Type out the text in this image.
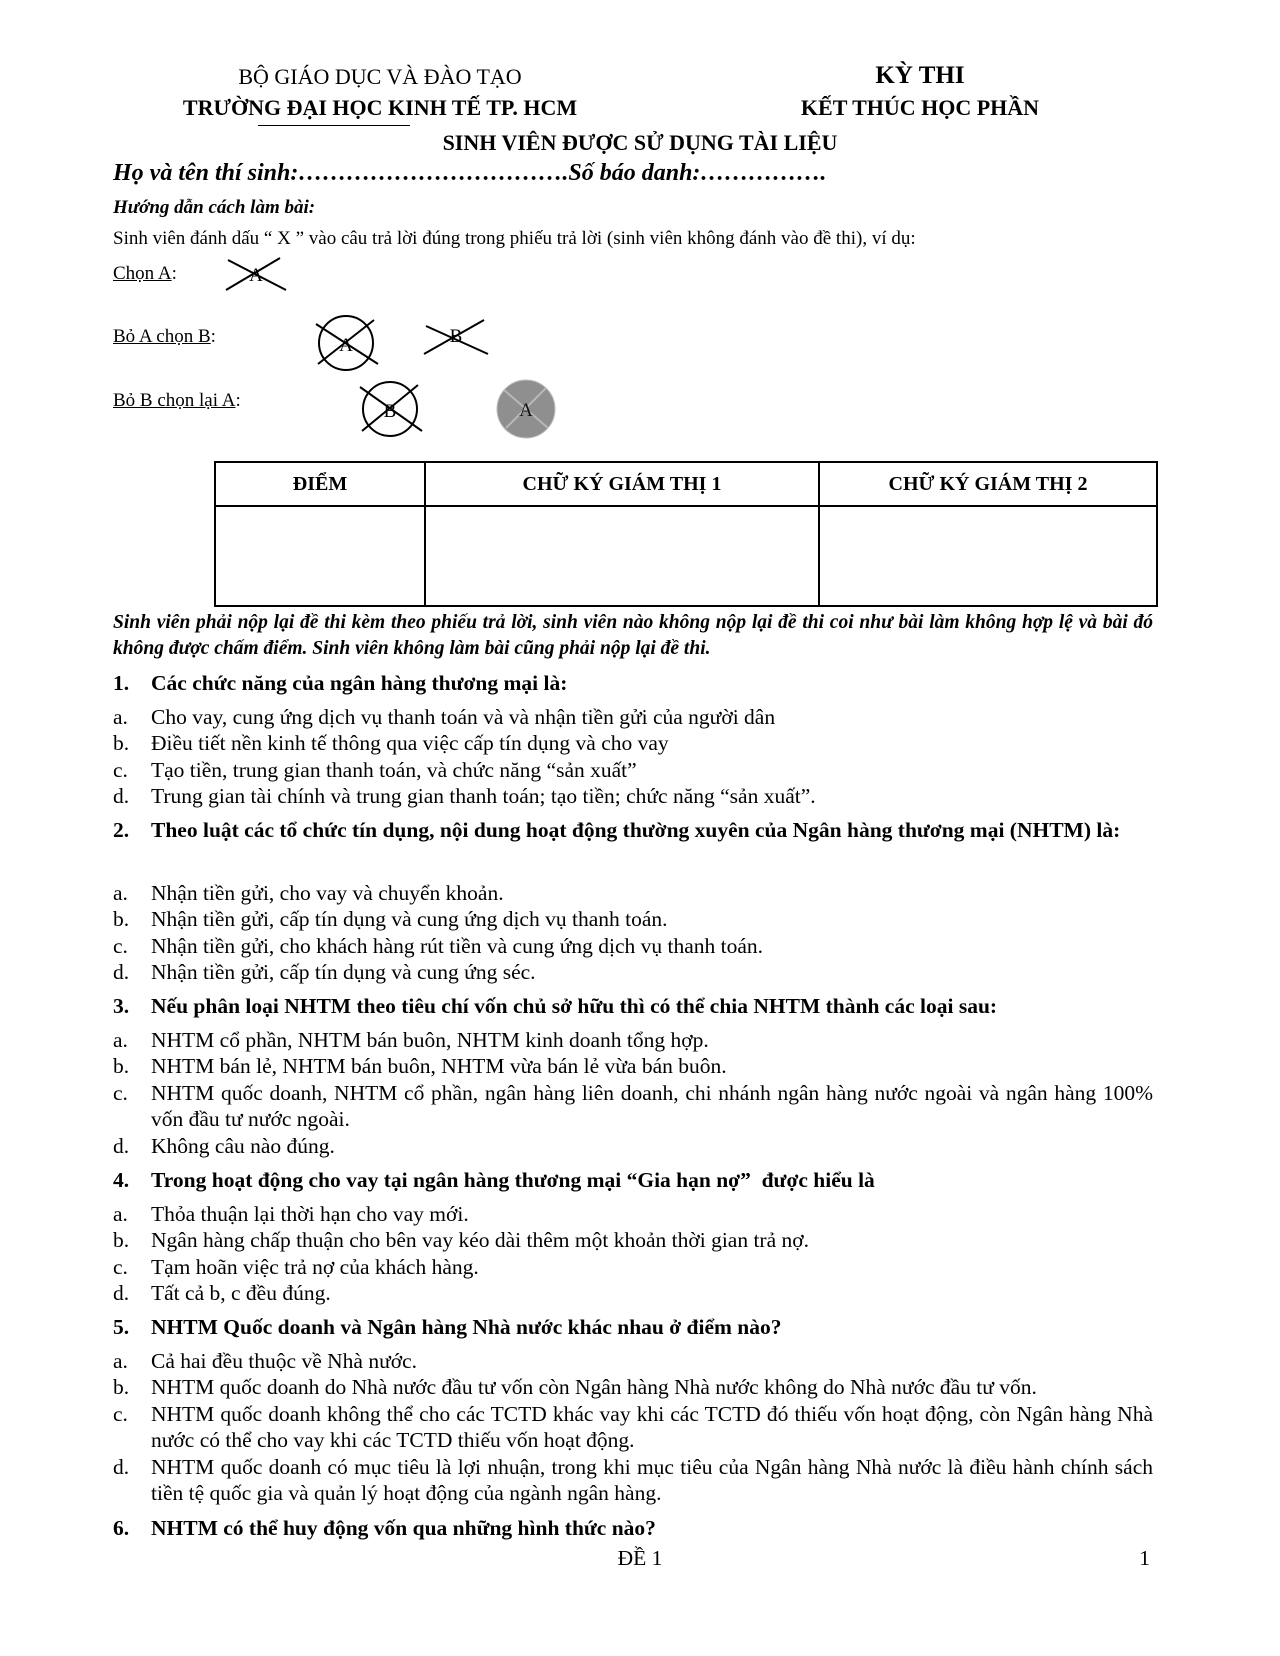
BỘ GIÁO DỤC VÀ ĐÀO TẠO
TRƯỜNG ĐẠI HỌC KINH TẾ TP. HCM
KỲ THI
KẾT THÚC HỌC PHẦN
SINH VIÊN ĐƯỢC SỬ DỤNG TÀI LIỆU
Họ và tên thí sinh:…………………………….Số báo danh:…………….
Hướng dẫn cách làm bài:
Sinh viên đánh dấu “ X ” vào câu trả lời đúng trong phiếu trả lời (sinh viên không đánh vào đề thi), ví dụ:
Chọn A:
Bỏ A chọn B:
Bỏ B chọn lại A:
A
A	B
B	A
ĐIỂM	CHỮ KÝ GIÁM THỊ 1	CHỮ KÝ GIÁM THỊ 2

Sinh viên phải nộp lại đề thi kèm theo phiếu trả lời, sinh viên nào không nộp lại đề thi coi như bài làm không hợp lệ và bài đó không được chấm điểm. Sinh viên không làm bài cũng phải nộp lại đề thi.
1. Các chức năng của ngân hàng thương mại là:
a. Cho vay, cung ứng dịch vụ thanh toán và và nhận tiền gửi của người dân
b. Điều tiết nền kinh tế thông qua việc cấp tín dụng và cho vay
c. Tạo tiền, trung gian thanh toán, và chức năng “sản xuất”
d. Trung gian tài chính và trung gian thanh toán; tạo tiền; chức năng “sản xuất”.
2. Theo luật các tổ chức tín dụng, nội dung hoạt động thường xuyên của Ngân hàng thương mại (NHTM) là:
a. Nhận tiền gửi, cho vay và chuyển khoản.
b. Nhận tiền gửi, cấp tín dụng và cung ứng dịch vụ thanh toán.
c. Nhận tiền gửi, cho khách hàng rút tiền và cung ứng dịch vụ thanh toán.
d. Nhận tiền gửi, cấp tín dụng và cung ứng séc.
3. Nếu phân loại NHTM theo tiêu chí vốn chủ sở hữu thì có thể chia NHTM thành các loại sau:
a. NHTM cổ phần, NHTM bán buôn, NHTM kinh doanh tổng hợp.
b. NHTM bán lẻ, NHTM bán buôn, NHTM vừa bán lẻ vừa bán buôn.
c. NHTM quốc doanh, NHTM cổ phần, ngân hàng liên doanh, chi nhánh ngân hàng nước ngoài và ngân hàng 100% vốn đầu tư nước ngoài.
d. Không câu nào đúng.
4. Trong hoạt động cho vay tại ngân hàng thương mại “Gia hạn nợ”  được hiểu là
a. Thỏa thuận lại thời hạn cho vay mới.
b. Ngân hàng chấp thuận cho bên vay kéo dài thêm một khoản thời gian trả nợ.
c. Tạm hoãn việc trả nợ của khách hàng.
d. Tất cả b, c đều đúng.
5. NHTM Quốc doanh và Ngân hàng Nhà nước khác nhau ở điểm nào?
a. Cả hai đều thuộc về Nhà nước.
b. NHTM quốc doanh do Nhà nước đầu tư vốn còn Ngân hàng Nhà nước không do Nhà nước đầu tư vốn.
c. NHTM quốc doanh không thể cho các TCTD khác vay khi các TCTD đó thiếu vốn hoạt động, còn Ngân hàng Nhà nước có thể cho vay khi các TCTD thiếu vốn hoạt động.
d. NHTM quốc doanh có mục tiêu là lợi nhuận, trong khi mục tiêu của Ngân hàng Nhà nước là điều hành chính sách tiền tệ quốc gia và quản lý hoạt động của ngành ngân hàng.
6. NHTM có thể huy động vốn qua những hình thức nào?
ĐỀ 1	1
